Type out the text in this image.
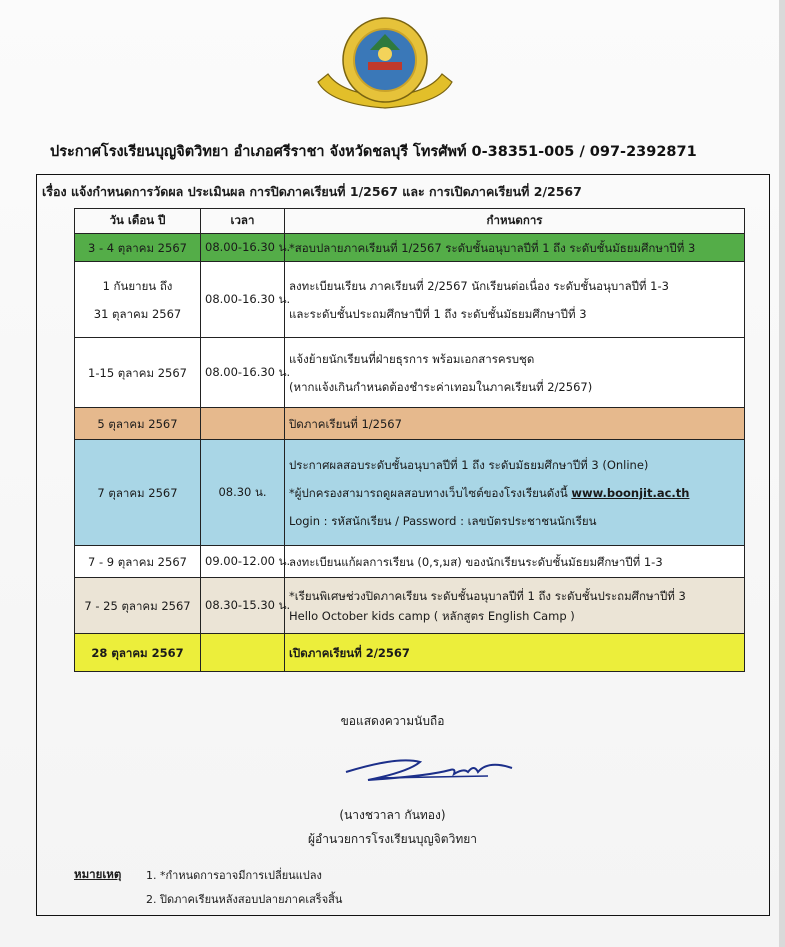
ประกาศโรงเรียนบุญจิตวิทยา อำเภอศรีราชา จังหวัดชลบุรี โทรศัพท์ 0-38351-005 / 097-2392871
เรื่อง แจ้งกำหนดการวัดผล ประเมินผล การปิดภาคเรียนที่ 1/2567 และ การเปิดภาคเรียนที่ 2/2567
วัน เดือน ปี	เวลา	กำหนดการ

3 - 4 ตุลาคม 2567	08.00-16.30 น.	*สอบปลายภาคเรียนที่ 1/2567 ระดับชั้นอนุบาลปีที่ 1 ถึง ระดับชั้นมัธยมศึกษาปีที่ 3

1 กันยายน ถึง
31 ตุลาคม 2567	08.00-16.30 น.	ลงทะเบียนเรียน ภาคเรียนที่ 2/2567 นักเรียนต่อเนื่อง ระดับชั้นอนุบาลปีที่ 1-3
และระดับชั้นประถมศึกษาปีที่ 1 ถึง ระดับชั้นมัธยมศึกษาปีที่ 3

1-15 ตุลาคม 2567	08.00-16.30 น.	แจ้งย้ายนักเรียนที่ฝ่ายธุรการ พร้อมเอกสารครบชุด
(หากแจ้งเกินกำหนดต้องชำระค่าเทอมในภาคเรียนที่ 2/2567)

5 ตุลาคม 2567		ปิดภาคเรียนที่ 1/2567

7 ตุลาคม 2567	08.30 น.	ประกาศผลสอบระดับชั้นอนุบาลปีที่ 1 ถึง ระดับมัธยมศึกษาปีที่ 3 (Online)
*ผู้ปกครองสามารถดูผลสอบทางเว็บไซต์ของโรงเรียนดังนี้ www.boonjit.ac.th
Login : รหัสนักเรียน / Password : เลขบัตรประชาชนนักเรียน

7 - 9 ตุลาคม 2567	09.00-12.00 น.	ลงทะเบียนแก้ผลการเรียน (0,ร,มส) ของนักเรียนระดับชั้นมัธยมศึกษาปีที่ 1-3

7 - 25 ตุลาคม 2567	08.30-15.30 น.	*เรียนพิเศษช่วงปิดภาคเรียน ระดับชั้นอนุบาลปีที่ 1 ถึง ระดับชั้นประถมศึกษาปีที่ 3
Hello October kids camp ( หลักสูตร English Camp )

28 ตุลาคม 2567		เปิดภาคเรียนที่ 2/2567
ขอแสดงความนับถือ
(นางชวาลา กันทอง)
ผู้อำนวยการโรงเรียนบุญจิตวิทยา
หมายเหตุ 1. *กำหนดการอาจมีการเปลี่ยนแปลง
2. ปิดภาคเรียนหลังสอบปลายภาคเสร็จสิ้น
